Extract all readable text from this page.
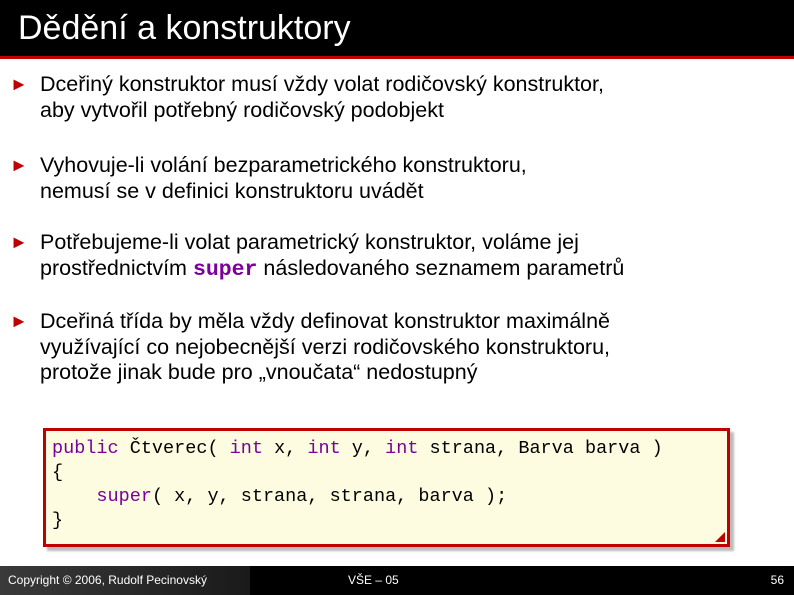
Dědění a konstruktory
► Dceřiný konstruktor musí vždy volat rodičovský konstruktor,
aby vytvořil potřebný rodičovský podobjekt
► Vyhovuje-li volání bezparametrického konstruktoru,
nemusí se v definici konstruktoru uvádět
► Potřebujeme-li volat parametrický konstruktor, voláme jej
prostřednictvím super následovaného seznamem parametrů
► Dceřiná třída by měla vždy definovat konstruktor maximálně
využívající co nejobecnější verzi rodičovského konstruktoru,
protože jinak bude pro „vnoučata“ nedostupný
public Čtverec( int x, int y, int strana, Barva barva )
{
super( x, y, strana, strana, barva );
}
Copyright © 2006, Rudolf Pecinovský	VŠE – 05	56
